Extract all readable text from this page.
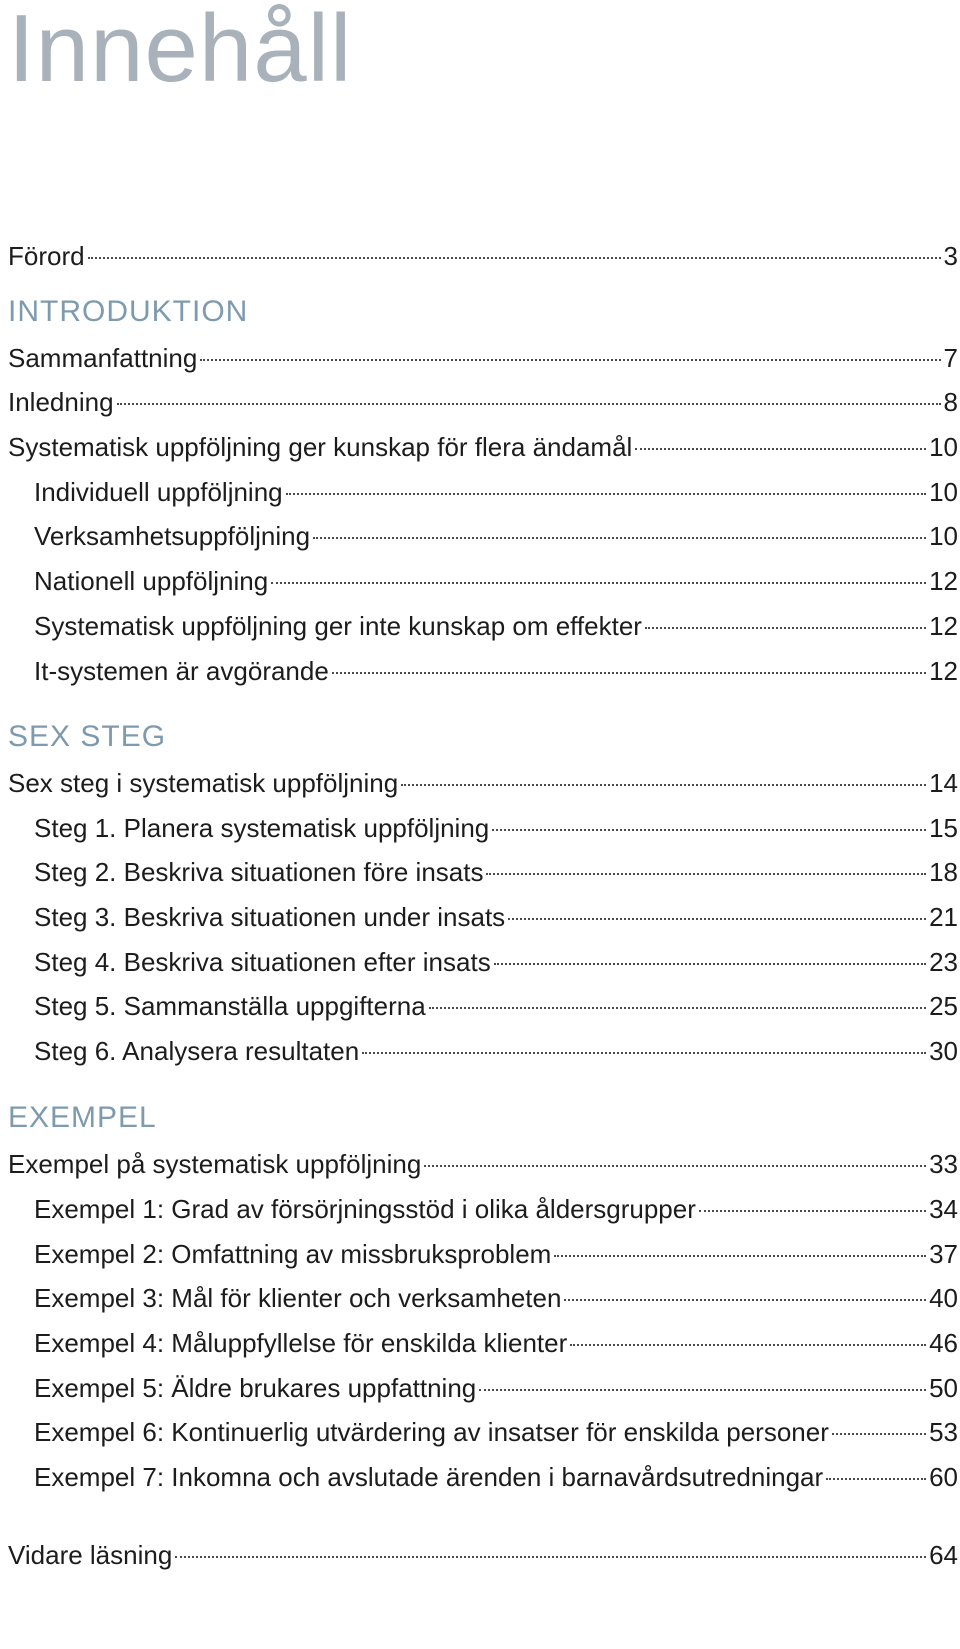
Innehåll
Förord	3
INTRODUKTION
Sammanfattning	7
Inledning	8
Systematisk uppföljning ger kunskap för flera ändamål	10
Individuell uppföljning	10
Verksamhetsuppföljning	10
Nationell uppföljning	12
Systematisk uppföljning ger inte kunskap om effekter	12
It-systemen är avgörande	12
SEX STEG
Sex steg i systematisk uppföljning	14
Steg 1. Planera systematisk uppföljning	15
Steg 2. Beskriva situationen före insats	18
Steg 3. Beskriva situationen under insats	21
Steg 4. Beskriva situationen efter insats	23
Steg 5. Sammanställa uppgifterna	25
Steg 6. Analysera resultaten	30
EXEMPEL
Exempel på systematisk uppföljning	33
Exempel 1: Grad av försörjningsstöd i olika åldersgrupper	34
Exempel 2: Omfattning av missbruksproblem	37
Exempel 3: Mål för klienter och verksamheten	40
Exempel 4: Måluppfyllelse för enskilda klienter	46
Exempel 5: Äldre brukares uppfattning	50
Exempel 6: Kontinuerlig utvärdering av insatser för enskilda personer	53
Exempel 7: Inkomna och avslutade ärenden i barnavårdsutredningar	60
Vidare läsning	64
